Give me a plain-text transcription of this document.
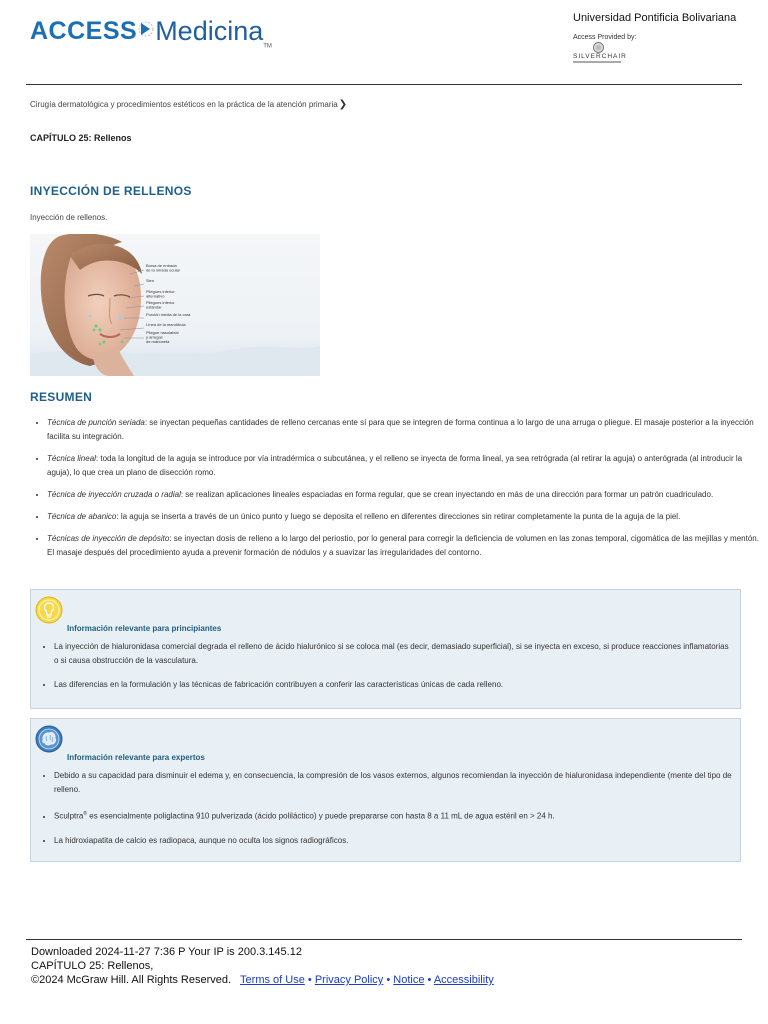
ACCESS Medicina$_{TM}$
Universidad Pontificia Bolivariana
Access Provided by:
SILVERCHAIR
Cirugía dermatológica y procedimientos estéticos en la práctica de la atención primaria❯
CAPÍTULO 25: Rellenos
INYECCIÓN DE RELLENOS
Inyección de rellenos.
Bursa de entrada de la mirada ocular
Sien
Pliegues inferior alternativo
Pliegues inferior estándar
Porción media de la cara
Línea de la mandíbula
Pliegue nasolabial y arrugas de marioneta
RESUMEN
• Técnica de punción seriada: se inyectan pequeñas cantidades de relleno cercanas ente sí para que se integren de forma continua a lo largo de una arruga o pliegue. El masaje posterior a la inyección facilita su integración.
• Técnica lineal: toda la longitud de la aguja se introduce por vía intradérmica o subcutánea, y el relleno se inyecta de forma lineal, ya sea retrógrada (al retirar la aguja) o anterógrada (al introducir la aguja), lo que crea un plano de disección romo.
• Técnica de inyección cruzada o radial: se realizan aplicaciones lineales espaciadas en forma regular, que se crean inyectando en más de una dirección para formar un patrón cuadriculado.
• Técnica de abanico: la aguja se inserta a través de un único punto y luego se deposita el relleno en diferentes direcciones sin retirar completamente la punta de la aguja de la piel.
• Técnicas de inyección de depósito: se inyectan dosis de relleno a lo largo del periostio, por lo general para corregir la deficiencia de volumen en las zonas temporal, cigomática de las mejillas y mentón. El masaje después del procedimiento ayuda a prevenir formación de nódulos y a suavizar las irregularidades del contorno.
Información relevante para principiantes
• La inyección de hialuronidasa comercial degrada el relleno de ácido hialurónico si se coloca mal (es decir, demasiado superficial), si se inyecta en exceso, si produce reacciones inflamatorias o si causa obstrucción de la vasculatura.
• Las diferencias en la formulación y las técnicas de fabricación contribuyen a conferir las características únicas de cada relleno.
Información relevante para expertos
• Debido a su capacidad para disminuir el edema y, en consecuencia, la compresión de los vasos externos, algunos recomiendan la inyección de hialuronidasa independiente (mente del tipo de relleno.
• Sculptra® es esencialmente poliglactina 910 pulverizada (ácido poliláctico) y puede prepararse con hasta 8 a 11 mL de agua estéril en > 24 h.
• La hidroxiapatita de calcio es radiopaca, aunque no oculta los signos radiográficos.
Downloaded 2024-11-27 7:36 P Your IP is 200.3.145.12
CAPÍTULO 25: Rellenos,
©2024 McGraw Hill. All Rights Reserved. Terms of Use • Privacy Policy • Notice • Accessibility
